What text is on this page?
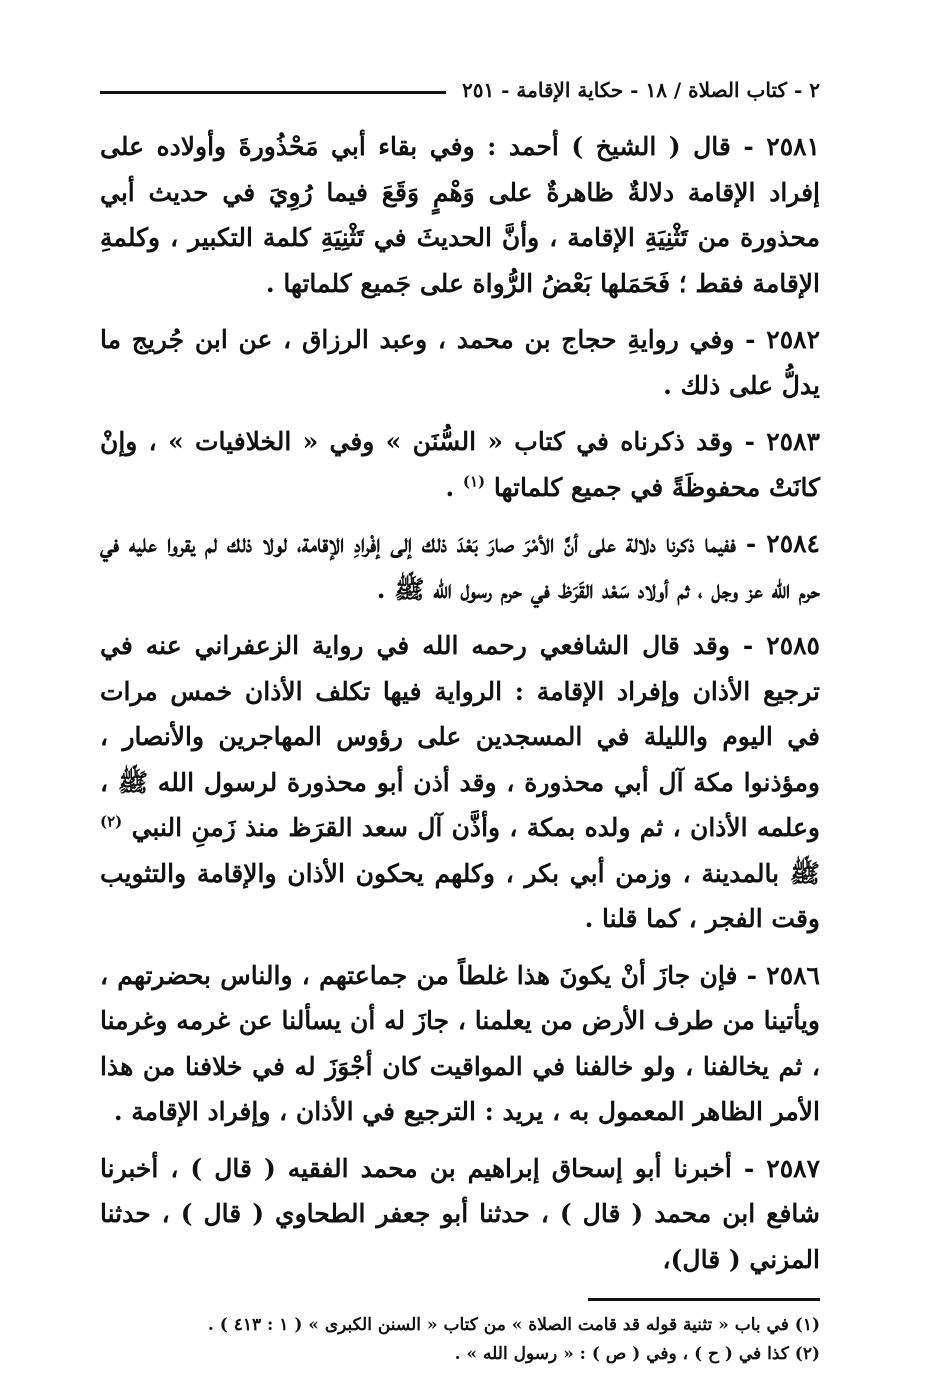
٢ - كتاب الصلاة / ١٨ - حكاية الإقامة - ٢٥١

٢٥٨١ - قال ( الشيخ ) أحمد : وفي بقاء أبي مَحْذُورةَ وأولاده على إفراد الإقامة دلالةٌ ظاهرةٌ على وَهْمٍ وَقَعَ فيما رُوِيَ في حديث أبي محذورة من تَثْنِيَةِ الإقامة ، وأنَّ الحديثَ في تَثْنِيَةِ كلمة التكبير ، وكلمةِ الإقامة فقط ؛ فَحَمَلها بَعْضُ الرُّواة على جَميع كلماتها .

٢٥٨٢ - وفي روايةِ حجاج بن محمد ، وعبد الرزاق ، عن ابن جُريج ما يدلُّ على ذلك .

٢٥٨٣ - وقد ذكرناه في كتاب « السُّنَن » وفي « الخلافيات » ، وإنْ كانَتْ محفوظَةً في جميع كلماتها $^{(١)}$ .

٢٥٨٤ - ففيما ذكرنا دلالة على أنَّ الأمْرَ صارَ بَعْدَ ذلك إلى إفْرادِ الإقامة، لولا ذلك لم يقروا عليه في حرم الله عز وجل ، ثم أولاد سَعْد القَرَظ في حرم رسول الله ﷺ .

٢٥٨٥ - وقد قال الشافعي رحمه الله في رواية الزعفراني عنه في ترجيع الأذان وإفراد الإقامة : الرواية فيها تكلف الأذان خمس مرات في اليوم والليلة في المسجدين على رؤوس المهاجرين والأنصار ، ومؤذنوا مكة آل أبي محذورة ، وقد أذن أبو محذورة لرسول الله ﷺ ، وعلمه الأذان ، ثم ولده بمكة ، وأذَّن آل سعد القرَظ منذ زَمنِ النبي $^{(٢)}$ ﷺ بالمدينة ، وزمن أبي بكر ، وكلهم يحكون الأذان والإقامة والتثويب وقت الفجر ، كما قلنا .

٢٥٨٦ - فإن جازَ أنْ يكونَ هذا غلطاً من جماعتهم ، والناس بحضرتهم ، ويأتينا من طرف الأرض من يعلمنا ، جازَ له أن يسألنا عن غرمه وغرمنا ، ثم يخالفنا ، ولو خالفنا في المواقيت كان أجْوَزَ له في خلافنا من هذا الأمر الظاهر المعمول به ، يريد : الترجيع في الأذان ، وإفراد الإقامة .

٢٥٨٧ - أخبرنا أبو إسحاق إبراهيم بن محمد الفقيه ( قال ) ، أخبرنا شافع ابن محمد ( قال ) ، حدثنا أبو جعفر الطحاوي ( قال ) ، حدثنا المزني ( قال)،

(١) في باب « تثنية قوله قد قامت الصلاة » من كتاب « السنن الكبرى » ( ١ : ٤١٣ ) .

(٢) كذا في ( ح ) ، وفي ( ص ) : « رسول الله » .
